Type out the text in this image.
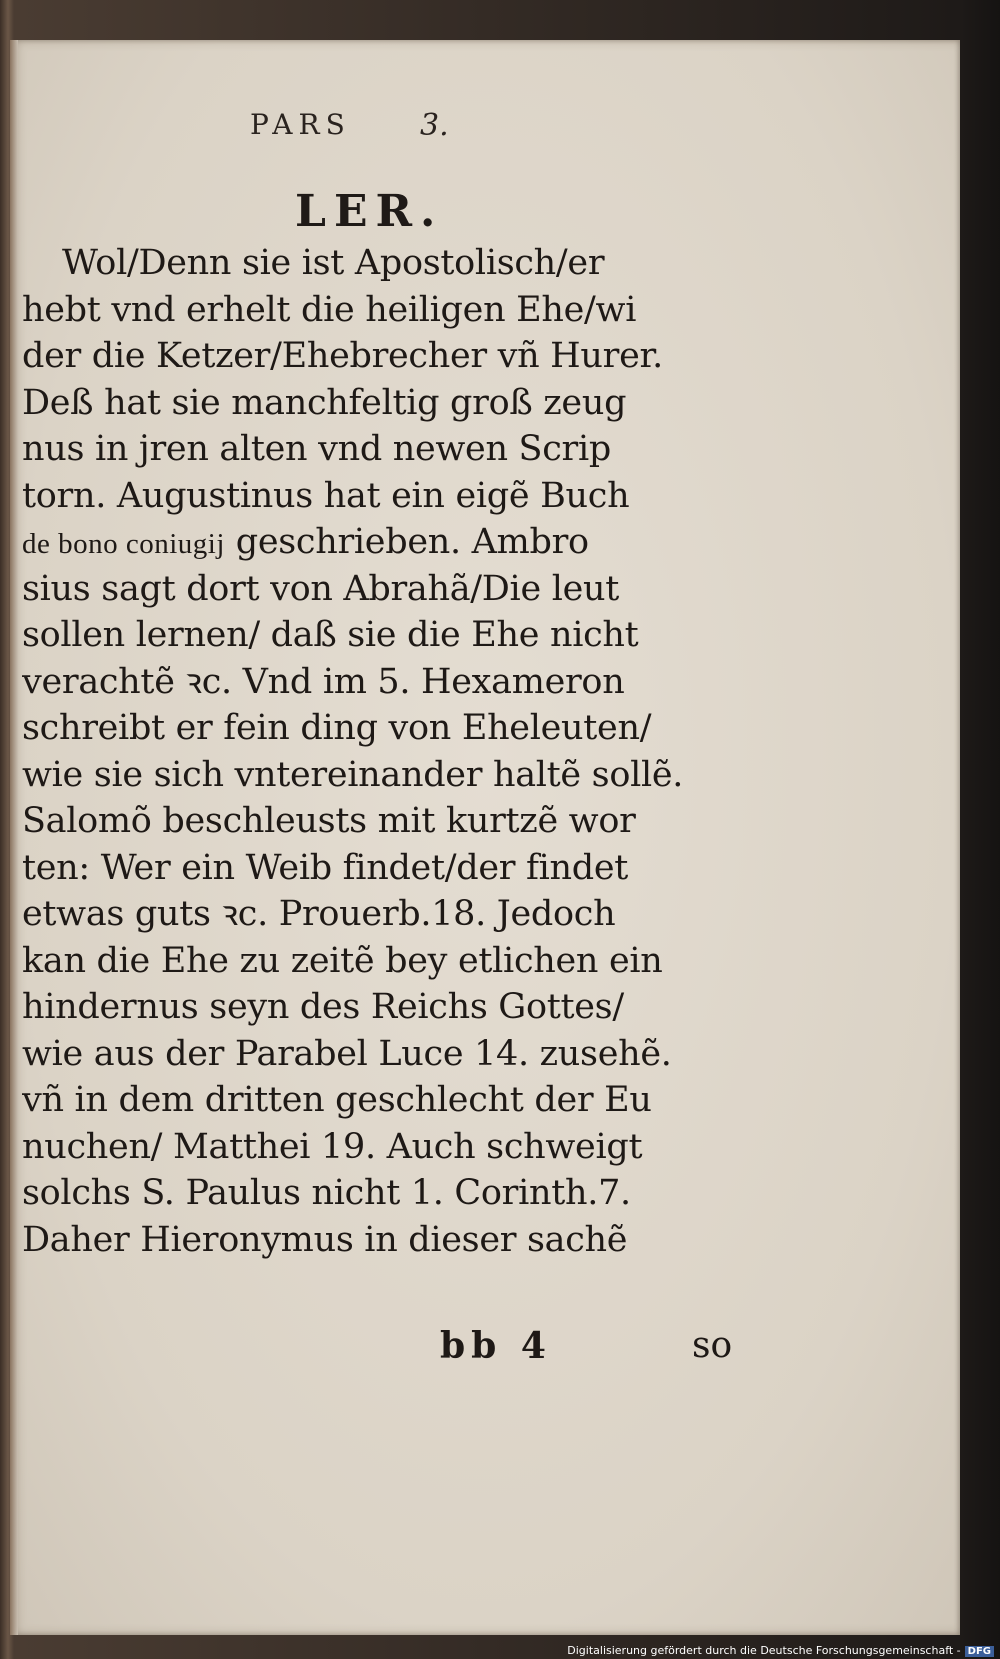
PARS 3.
LER.
Wol/Denn sie ist Apostolisch/er
hebt vnd erhelt die heiligen Ehe/wi
der die Ketzer/Ehebrecher vñ Hurer.
Deß hat sie manchfeltig groß zeug
nus in jren alten vnd newen Scrip
torn. Augustinus hat ein eigẽ Buch
de bono coniugij geschrieben. Ambro
sius sagt dort von Abrahã/Die leut
sollen lernen/ daß sie die Ehe nicht
verachtẽ ꝛc. Vnd im 5. Hexameron
schreibt er fein ding von Eheleuten/
wie sie sich vntereinander haltẽ sollẽ.
Salomõ beschleusts mit kurtzẽ wor
ten: Wer ein Weib findet/der findet
etwas guts ꝛc. Prouerb.18. Jedoch
kan die Ehe zu zeitẽ bey etlichen ein
hindernus seyn des Reichs Gottes/
wie aus der Parabel Luce 14. zusehẽ.
vñ in dem dritten geschlecht der Eu
nuchen/ Matthei 19. Auch schweigt
solchs S. Paulus nicht 1. Corinth.7.
Daher Hieronymus in dieser sachẽ
bb 4	so
Digitalisierung gefördert durch die Deutsche Forschungsgemeinschaft - DFG
